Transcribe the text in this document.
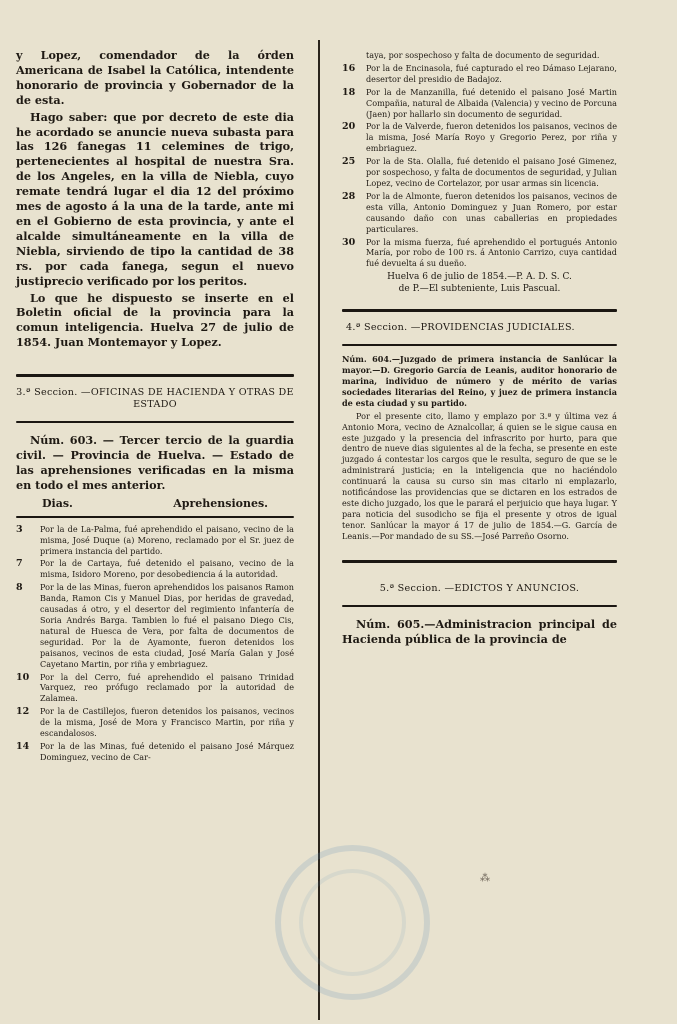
y Lopez, comendador de la órden Americana de Isabel la Católica, intendente honorario de provincia y Gobernador de la de esta.

Hago saber: que por decreto de este dia he acordado se anuncie nueva subasta para las 126 fanegas 11 celemines de trigo, pertenecientes al hospital de nuestra Sra. de los Angeles, en la villa de Niebla, cuyo remate tendrá lugar el dia 12 del próximo mes de agosto á la una de la tarde, ante mi en el Gobierno de esta provincia, y ante el alcalde simultáneamente en la villa de Niebla, sirviendo de tipo la cantidad de 38 rs. por cada fanega, segun el nuevo justiprecio verificado por los peritos.

Lo que he dispuesto se inserte en el Boletin oficial de la provincia para la comun inteligencia. Huelva 27 de julio de 1854. Juan Montemayor y Lopez.

3.ª Seccion. —OFICINAS DE HACIENDA Y OTRAS DE ESTADO

Núm. 603. — Tercer tercio de la guardia civil. — Provincia de Huelva. — Estado de las aprehensiones verificadas en la misma en todo el mes anterior.

Dias.	Aprehensiones.
3	Por la de La-Palma, fué aprehendido el paisano, vecino de la misma, José Duque (a) Moreno, reclamado por el Sr. juez de primera instancia del partido.
7	Por la de Cartaya, fué detenido el paisano, vecino de la misma, Isidoro Moreno, por desobediencia á la autoridad.
8	Por la de las Minas, fueron aprehendidos los paisanos Ramon Banda, Ramon Cis y Manuel Dias, por heridas de gravedad, causadas á otro, y el desertor del regimiento infantería de Soria Andrés Barga. Tambien lo fué el paisano Diego Cis, natural de Huesca de Vera, por falta de documentos de seguridad. Por la de Ayamonte, fueron detenidos los paisanos, vecinos de esta ciudad, José María Galan y José Cayetano Martin, por riña y embriaguez.
10	Por la del Cerro, fué aprehendido el paisano Trinidad Varquez, reo prófugo reclamado por la autoridad de Zalamea.
12	Por la de Castillejos, fueron detenidos los paisanos, vecinos de la misma, José de Mora y Francisco Martin, por riña y escandalosos.
14	Por la de las Minas, fué detenido el paisano José Márquez Dominguez, vecino de Car-

taya, por sospechoso y falta de documento de seguridad.

16	Por la de Encinasola, fué capturado el reo Dámaso Lejarano, desertor del presidio de Badajoz.
18	Por la de Manzanilla, fué detenido el paisano José Martin Compañia, natural de Albaida (Valencia) y vecino de Porcuna (Jaen) por hallarlo sin documento de seguridad.
20	Por la de Valverde, fueron detenidos los paisanos, vecinos de la misma, José María Royo y Gregorio Perez, por riña y embriaguez.
25	Por la de Sta. Olalla, fué detenido el paisano José Gimenez, por sospechoso, y falta de documentos de seguridad, y Julian Lopez, vecino de Cortelazor, por usar armas sin licencia.
28	Por la de Almonte, fueron detenidos los paisanos, vecinos de esta villa, Antonio Dominguez y Juan Romero, por estar causando daño con unas caballerias en propiedades particulares.
30	Por la misma fuerza, fué aprehendido el portugués Antonio María, por robo de 100 rs. á Antonio Carrizo, cuya cantidad fué devuelta á su dueño.

Huelva 6 de julio de 1854.—P. A. D. S. C.

de P.—El subteniente, Luis Pascual.

4.ª Seccion. —PROVIDENCIAS JUDICIALES.

Núm. 604.—Juzgado de primera instancia de Sanlúcar la mayor.—D. Gregorio García de Leanis, auditor honorario de marina, individuo de número y de mérito de varias sociedades literarias del Reino, y juez de primera instancia de esta ciudad y su partido.

Por el presente cito, llamo y emplazo por 3.ª y última vez á Antonio Mora, vecino de Aznalcollar, á quien se le sigue causa en este juzgado y la presencia del infrascrito por hurto, para que dentro de nueve dias siguientes al de la fecha, se presente en este juzgado á contestar los cargos que le resulta, seguro de que se le administrará justicia; en la inteligencia que no haciéndolo continuará la causa su curso sin mas citarlo ni emplazarlo, notificándose las providencias que se dictaren en los estrados de este dicho juzgado, los que le parará el perjuicio que haya lugar. Y para noticia del susodicho se fija el presente y otros de igual tenor. Sanlúcar la mayor á 17 de julio de 1854.—G. García de Leanis.—Por mandado de su SS.—José Parreño Osorno.

5.ª Seccion. —EDICTOS Y ANUNCIOS.

Núm. 605.—Administracion principal de Hacienda pública de la provincia de

⁂
